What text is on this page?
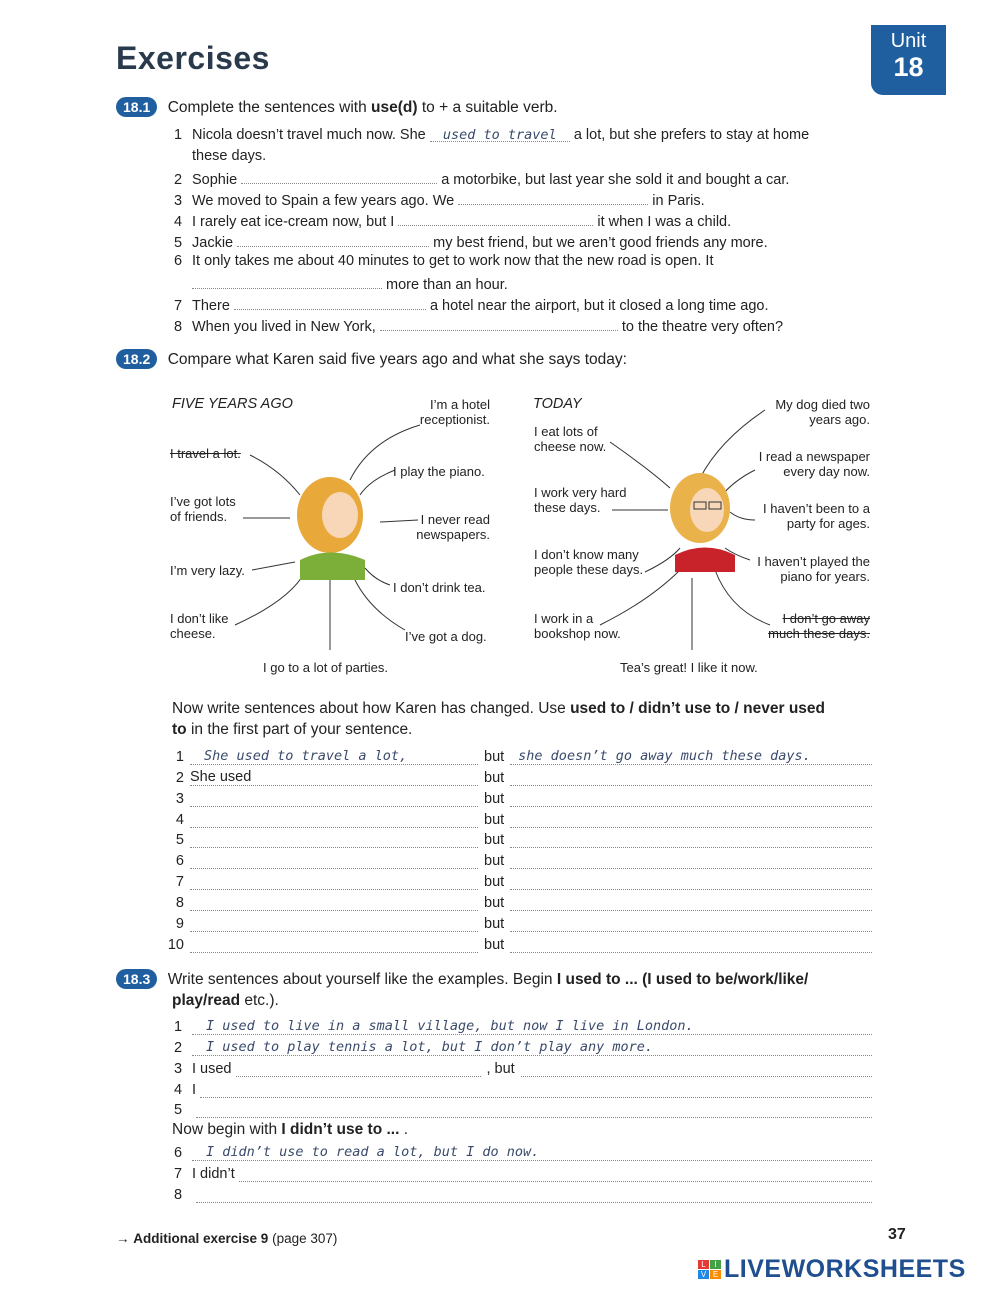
Exercises	Unit
18
18.1 Complete the sentences with use(d) to + a suitable verb.
1 Nicola doesn’t travel much now. She used to travel a lot, but she prefers to stay at home
these days.
2 Sophie	a motorbike, but last year she sold it and bought a car.
3 We moved to Spain a few years ago. We	in Paris.
4 I rarely eat ice-cream now, but I	it when I was a child.
5 Jackie	my best friend, but we aren’t good friends any more.
6 It only takes me about 40 minutes to get to work now that the new road is open. It
more than an hour.
7 There	a hotel near the airport, but it closed a long time ago.
8 When you lived in New York,	to the theatre very often?
18.2 Compare what Karen said five years ago and what she says today:
FIVE YEARS AGO	I’m a hotel
receptionist.
I travel a lot.
I play the piano.
I’ve got lots
of friends.	I never read
newspapers.
I’m very lazy.
I don’t drink tea.
I don’t like
cheese.	I’ve got a dog.
I go to a lot of parties.
TODAY	My dog died two
years ago.
I eat lots of
cheese now.
I read a newspaper
every day now.
I work very hard
these days.	I haven’t been to a
party for ages.
I don’t know many
people these days.
I haven’t played the
piano for years.
I work in a
bookshop now.
I don’t go away
much these days.
Tea’s great! I like it now.
Now write sentences about how Karen has changed. Use used to / didn’t use to / never used
to in the first part of your sentence.
1	She used to travel a lot,	but	she doesn’t go away much these days.
2 She used	but
3	but
4	but
5	but
6	but
7	but
8	but
9	but
10	but
18.3 Write sentences about yourself like the examples. Begin I used to ... (I used to be/work/like/
play/read etc.).
1	I used to live in a small village, but now I live in London.
2	I used to play tennis a lot, but I don’t play any more.
3 I used	, but
4 I
5
Now begin with I didn’t use to ... .
6	I didn’t use to read a lot, but I do now.
7 I didn’t
8
→ Additional exercise 9 (page 307)	37
L	I
V E LIVEWORKSHEETS
